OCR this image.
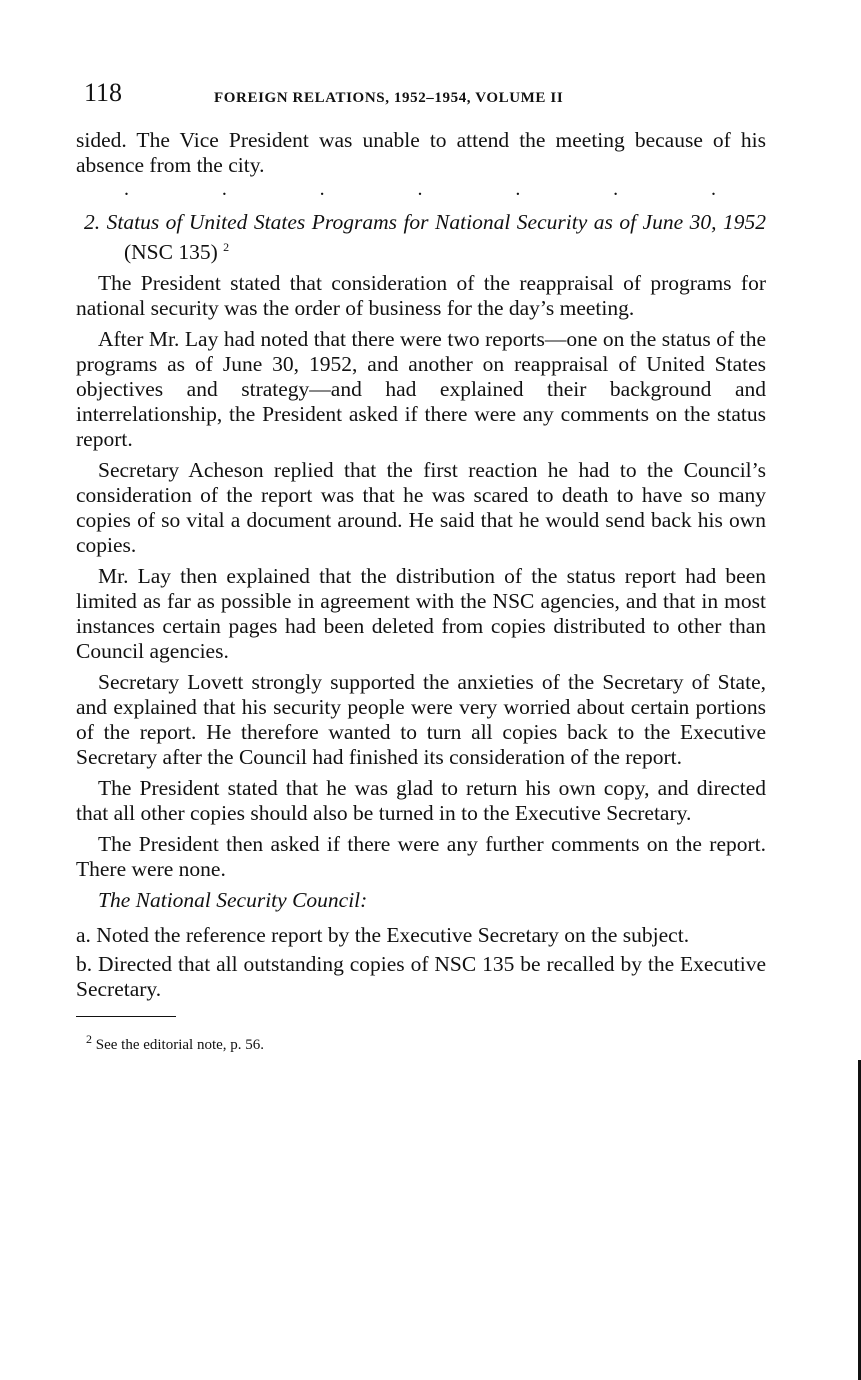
118	FOREIGN RELATIONS, 1952–1954, VOLUME II

sided. The Vice President was unable to attend the meeting because of his absence from the city.

.	.	.	.	.	.	.

2. Status of United States Programs for National Security as of June 30, 1952 (NSC 135) $^2$

The President stated that consideration of the reappraisal of programs for national security was the order of business for the day’s meeting.

After Mr. Lay had noted that there were two reports—one on the status of the programs as of June 30, 1952, and another on reappraisal of United States objectives and strategy—and had explained their background and interrelationship, the President asked if there were any comments on the status report.

Secretary Acheson replied that the first reaction he had to the Council’s consideration of the report was that he was scared to death to have so many copies of so vital a document around. He said that he would send back his own copies.

Mr. Lay then explained that the distribution of the status report had been limited as far as possible in agreement with the NSC agencies, and that in most instances certain pages had been deleted from copies distributed to other than Council agencies.

Secretary Lovett strongly supported the anxieties of the Secretary of State, and explained that his security people were very worried about certain portions of the report. He therefore wanted to turn all copies back to the Executive Secretary after the Council had finished its consideration of the report.

The President stated that he was glad to return his own copy, and directed that all other copies should also be turned in to the Executive Secretary.

The President then asked if there were any further comments on the report. There were none.

The National Security Council:

a. Noted the reference report by the Executive Secretary on the subject.

b. Directed that all outstanding copies of NSC 135 be recalled by the Executive Secretary.

$^2$ See the editorial note, p. 56.
